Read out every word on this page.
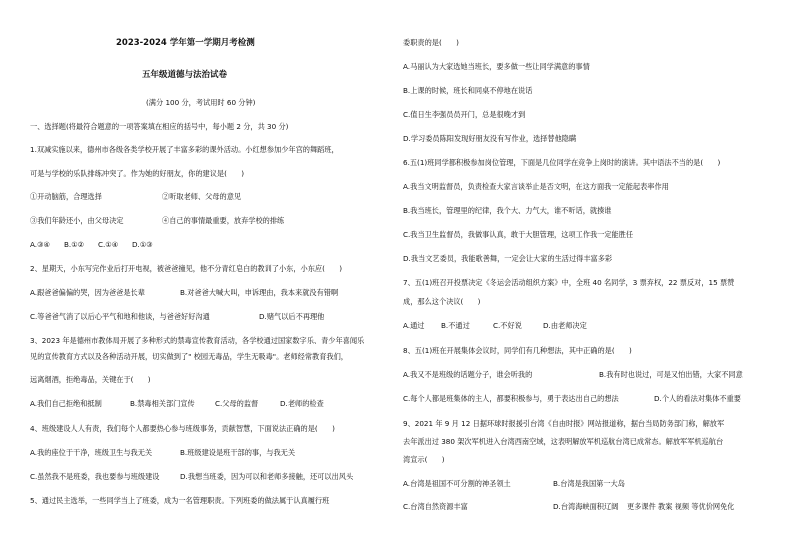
2023-2024 学年第一学期月考检测
五年级道德与法治试卷
(满分 100 分，考试用时 60 分钟)
一、选择题(将最符合题意的一项答案填在相应的括号中，每小题 2 分，共 30 分)
1.双减实施以来，德州市各级各类学校开展了丰富多彩的课外活动。小红想参加少年宫的舞蹈班，
可是与学校的乐队排练冲突了。作为她的好朋友，你的建议是(　　)
①开动脑筋，合理选择	②听取老师、父母的意见
③我们年龄还小，由父母决定	④自己的事情最重要，放弃学校的排练
A.③④ B.①② C.①④ D.①③
2、星期天，小东写完作业后打开电视，被爸爸撞见，他不分青红皂白的教训了小东，小东应(　　)
A.跟爸爸偏偏的哭，因为爸爸是长辈	B.对爸爸大喊大叫，申诉理由，我本来就没有错啊
C.等爸爸气消了以后心平气和地和他谈，与爸爸好好沟通	D.赌气以后不再理他
3、2023 年是德州市教体局开展了多种形式的禁毒宣传教育活动，各学校通过国家数字乐、青少年喜闻乐
见的宣传教育方式以及各种活动开展，切实做到了" 校园无毒品，学生无吸毒"。老师经常教育我们，
远离烟酒，拒绝毒品，关键在于(　　)
A.我们自己拒绝和抵制	B.禁毒相关部门宣传	C.父母的监督	D.老师的检查
4、班级建设人人有责，我们每个人都要热心参与班级事务，贡献智慧，下面说法正确的是(　　)
A.我的座位于干净，班级卫生与我无关	B.班级建设是班干部的事，与我无关
C.虽然我不是班委，我也要参与班级建设	D.我想当班委，因为可以和老师多接触，还可以出风头
5、通过民主选举，一些同学当上了班委，成为一名管理职责。下列班委的做法属于认真履行班
委职责的是(　　)
A.马丽认为大家选她当班长，要多做一些让同学满意的事情
B.上课的时候，班长和同桌不停地在说话
C.值日生李强员员开门，总是很晚才到
D.学习委员陈阳发现好朋友没有写作业，选择替他隐瞒
6.五(1)班同学都积极参加岗位管理，下面是几位同学在竞争上岗时的演讲。其中语法不当的是(　　)
A.我当文明监督员，负责检查大家言谈举止是否文明，在这方面我一定能起表率作用
B.我当班长，管理里的纪律，我个大、力气大，谁不听话，就揍谁
C.我当卫生监督员，我做事认真，敢于大胆管理，这项工作我一定能胜任
D.我当文艺委员，我能歌善舞，一定会让大家的生活过得丰富多彩
7、五(1)班召开投票决定《冬运会活动组织方案》中，全班 40 名同学，3 票弃权，22 票反对，15 票赞
成，那么这个决议(　　)
A.通过 B.不通过	C.不好说	D.由老师决定
8、五(1)班在开展集体会议时，同学们有几种想法，其中正确的是(　　)
A.我又不是班级的话题分子，谁会听我的	B.我有时也说过，可是又怕出错，大家不同意
C.每个人都是班集体的主人，都要积极参与，勇于表达出自己的想法	D.个人的看法对集体不重要
9、2021 年 9 月 12 日据环球时报援引台湾《自由时报》网站报道称，据台当局防务部门称，解放军
去年派出过 380 架次军机进入台湾西南空域，这表明解放军机巡航台湾已成常态。解放军军机巡航台
湾宣示(　　)
A.台湾是祖国不可分割的神圣领土	B.台湾是我国第一大岛
C.台湾自然资源丰富	D.台湾海峡面积辽阔 更多课件 教案 视频 等优价网免化
